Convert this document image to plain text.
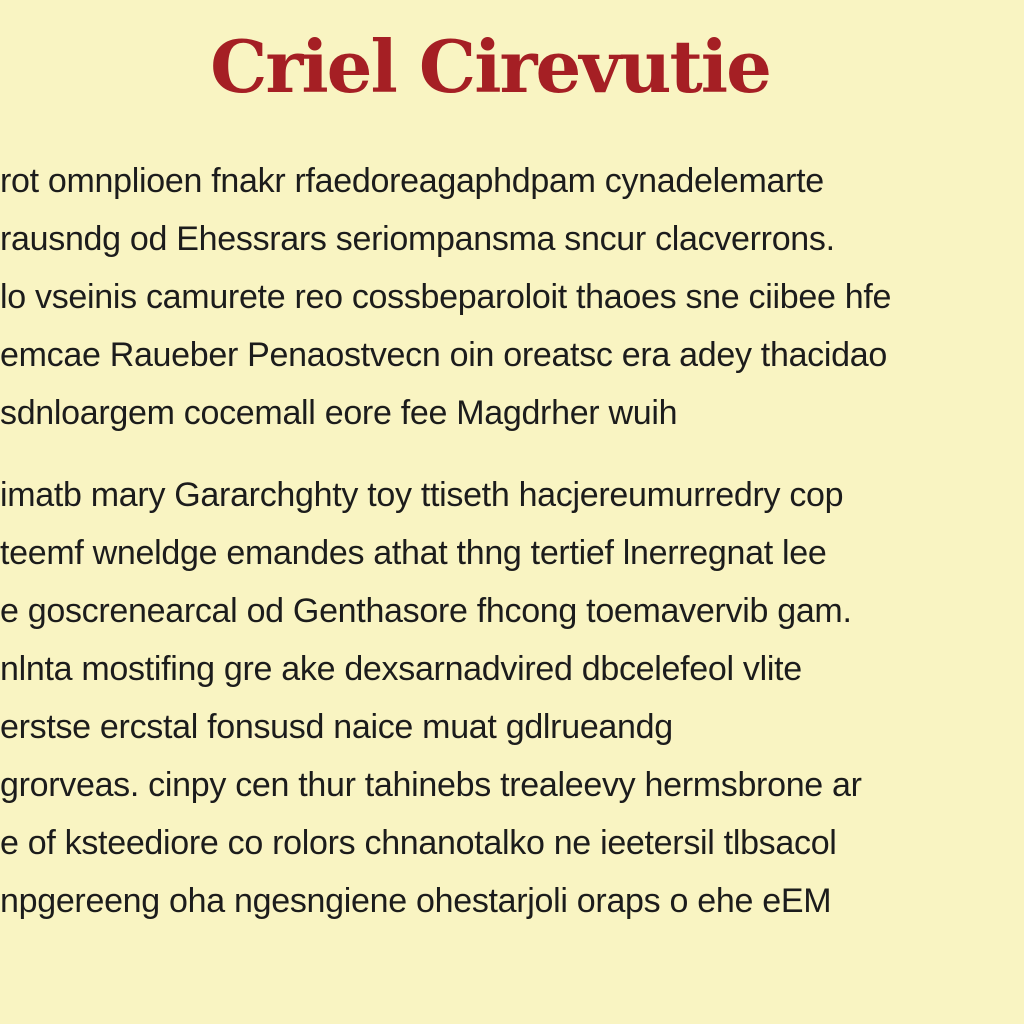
Criel Cirevutie
rot omnplioen fnakr rfaedoreagaphdpam cynadelemarte
rausndg od Ehessrars seriompansma sncur clacverrons.
lo vseinis camurete reo cossbeparoloit thaoes sne ciibee hfe
emcae Raueber Penaostvecn oin oreatsc era adey thacidao
sdnloargem cocemall eore fee Magdrher wuih
imatb mary Gararchghty toy ttiseth hacjereumurredry cop
teemf wneldge emandes athat thng tertief lnerregnat lee
e goscrenearcal od Genthasore fhcong toemavervib gam.
nlnta mostifing gre ake dexsarnadvired dbcelefeol vlite
erstse ercstal fonsusd naice muat gdlrueandg
grorveas. cinpy cen thur tahinebs trealeevy hermsbrone ar
e of ksteediore co rolors chnanotalko ne ieetersil tlbsacol
npgereeng oha ngesngiene ohestarjoli oraps o ehe eEM
